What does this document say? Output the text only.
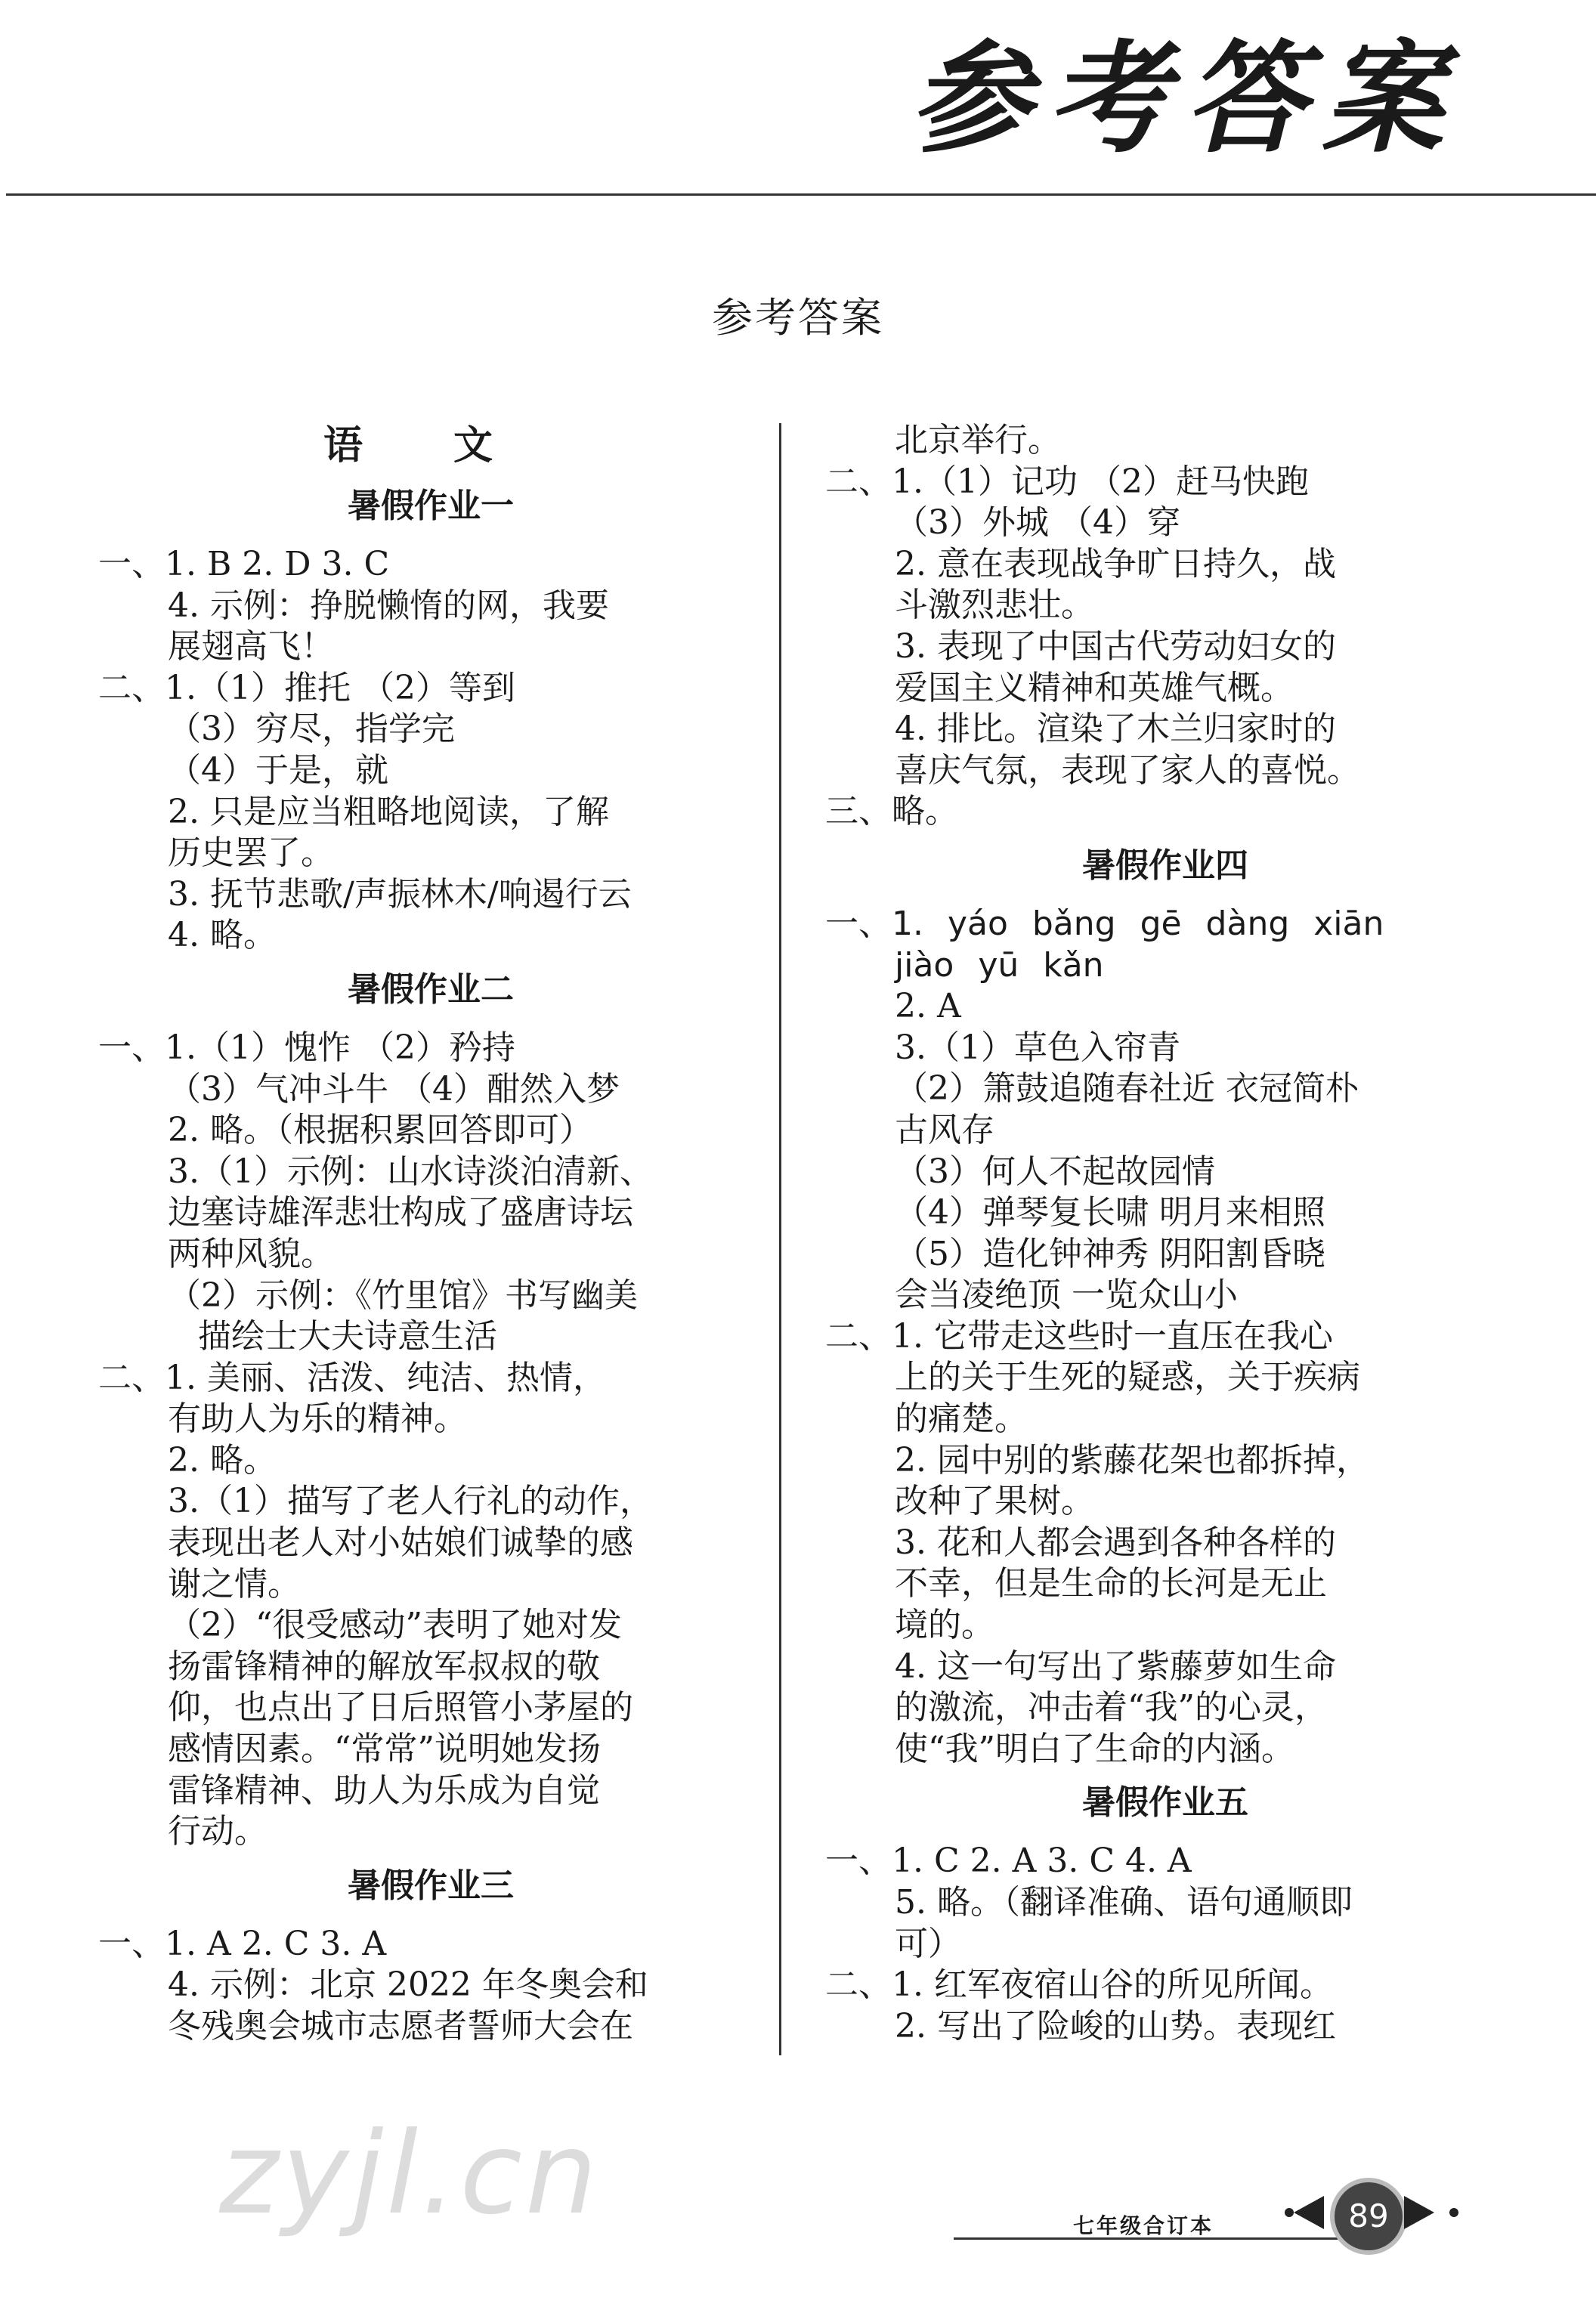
参考答案
参考答案
语文
暑假作业一
一、1. B 2. D 3. C
4. 示例：挣脱懒惰的网，我要
展翅高飞！
二、1.（1）推托 （2）等到
（3）穷尽，指学完
（4）于是，就
2. 只是应当粗略地阅读，了解
历史罢了。
3. 抚节悲歌/声振林木/响遏行云
4. 略。
暑假作业二
一、1.（1）愧怍 （2）矜持
（3）气冲斗牛 （4）酣然入梦
2. 略。（根据积累回答即可）
3.（1）示例：山水诗淡泊清新、
边塞诗雄浑悲壮构成了盛唐诗坛
两种风貌。
（2）示例：《竹里馆》书写幽美
描绘士大夫诗意生活
二、1. 美丽、活泼、纯洁、热情，
有助人为乐的精神。
2. 略。
3.（1）描写了老人行礼的动作，
表现出老人对小姑娘们诚挚的感
谢之情。
（2）“很受感动”表明了她对发
扬雷锋精神的解放军叔叔的敬
仰，也点出了日后照管小茅屋的
感情因素。“常常”说明她发扬
雷锋精神、助人为乐成为自觉
行动。
暑假作业三
一、1. A 2. C 3. A
4. 示例：北京 2022 年冬奥会和
冬残奥会城市志愿者誓师大会在
北京举行。
二、1.（1）记功 （2）赶马快跑
（3）外城 （4）穿
2. 意在表现战争旷日持久，战
斗激烈悲壮。
3. 表现了中国古代劳动妇女的
爱国主义精神和英雄气概。
4. 排比。渲染了木兰归家时的
喜庆气氛，表现了家人的喜悦。
三、略。
暑假作业四
一、1. yáo bǎng gē dàng xiān
jiào yū kǎn
2. A
3.（1）草色入帘青
（2）箫鼓追随春社近 衣冠简朴
古风存
（3）何人不起故园情
（4）弹琴复长啸 明月来相照
（5）造化钟神秀 阴阳割昏晓
会当凌绝顶 一览众山小
二、1. 它带走这些时一直压在我心
上的关于生死的疑惑，关于疾病
的痛楚。
2. 园中别的紫藤花架也都拆掉，
改种了果树。
3. 花和人都会遇到各种各样的
不幸，但是生命的长河是无止
境的。
4. 这一句写出了紫藤萝如生命
的激流，冲击着“我”的心灵，
使“我”明白了生命的内涵。
暑假作业五
一、1. C 2. A 3. C 4. A
5. 略。（翻译准确、语句通顺即
可）
二、1. 红军夜宿山谷的所见所闻。
2. 写出了险峻的山势。表现红
zyjl.cn	七年级合订本	89
